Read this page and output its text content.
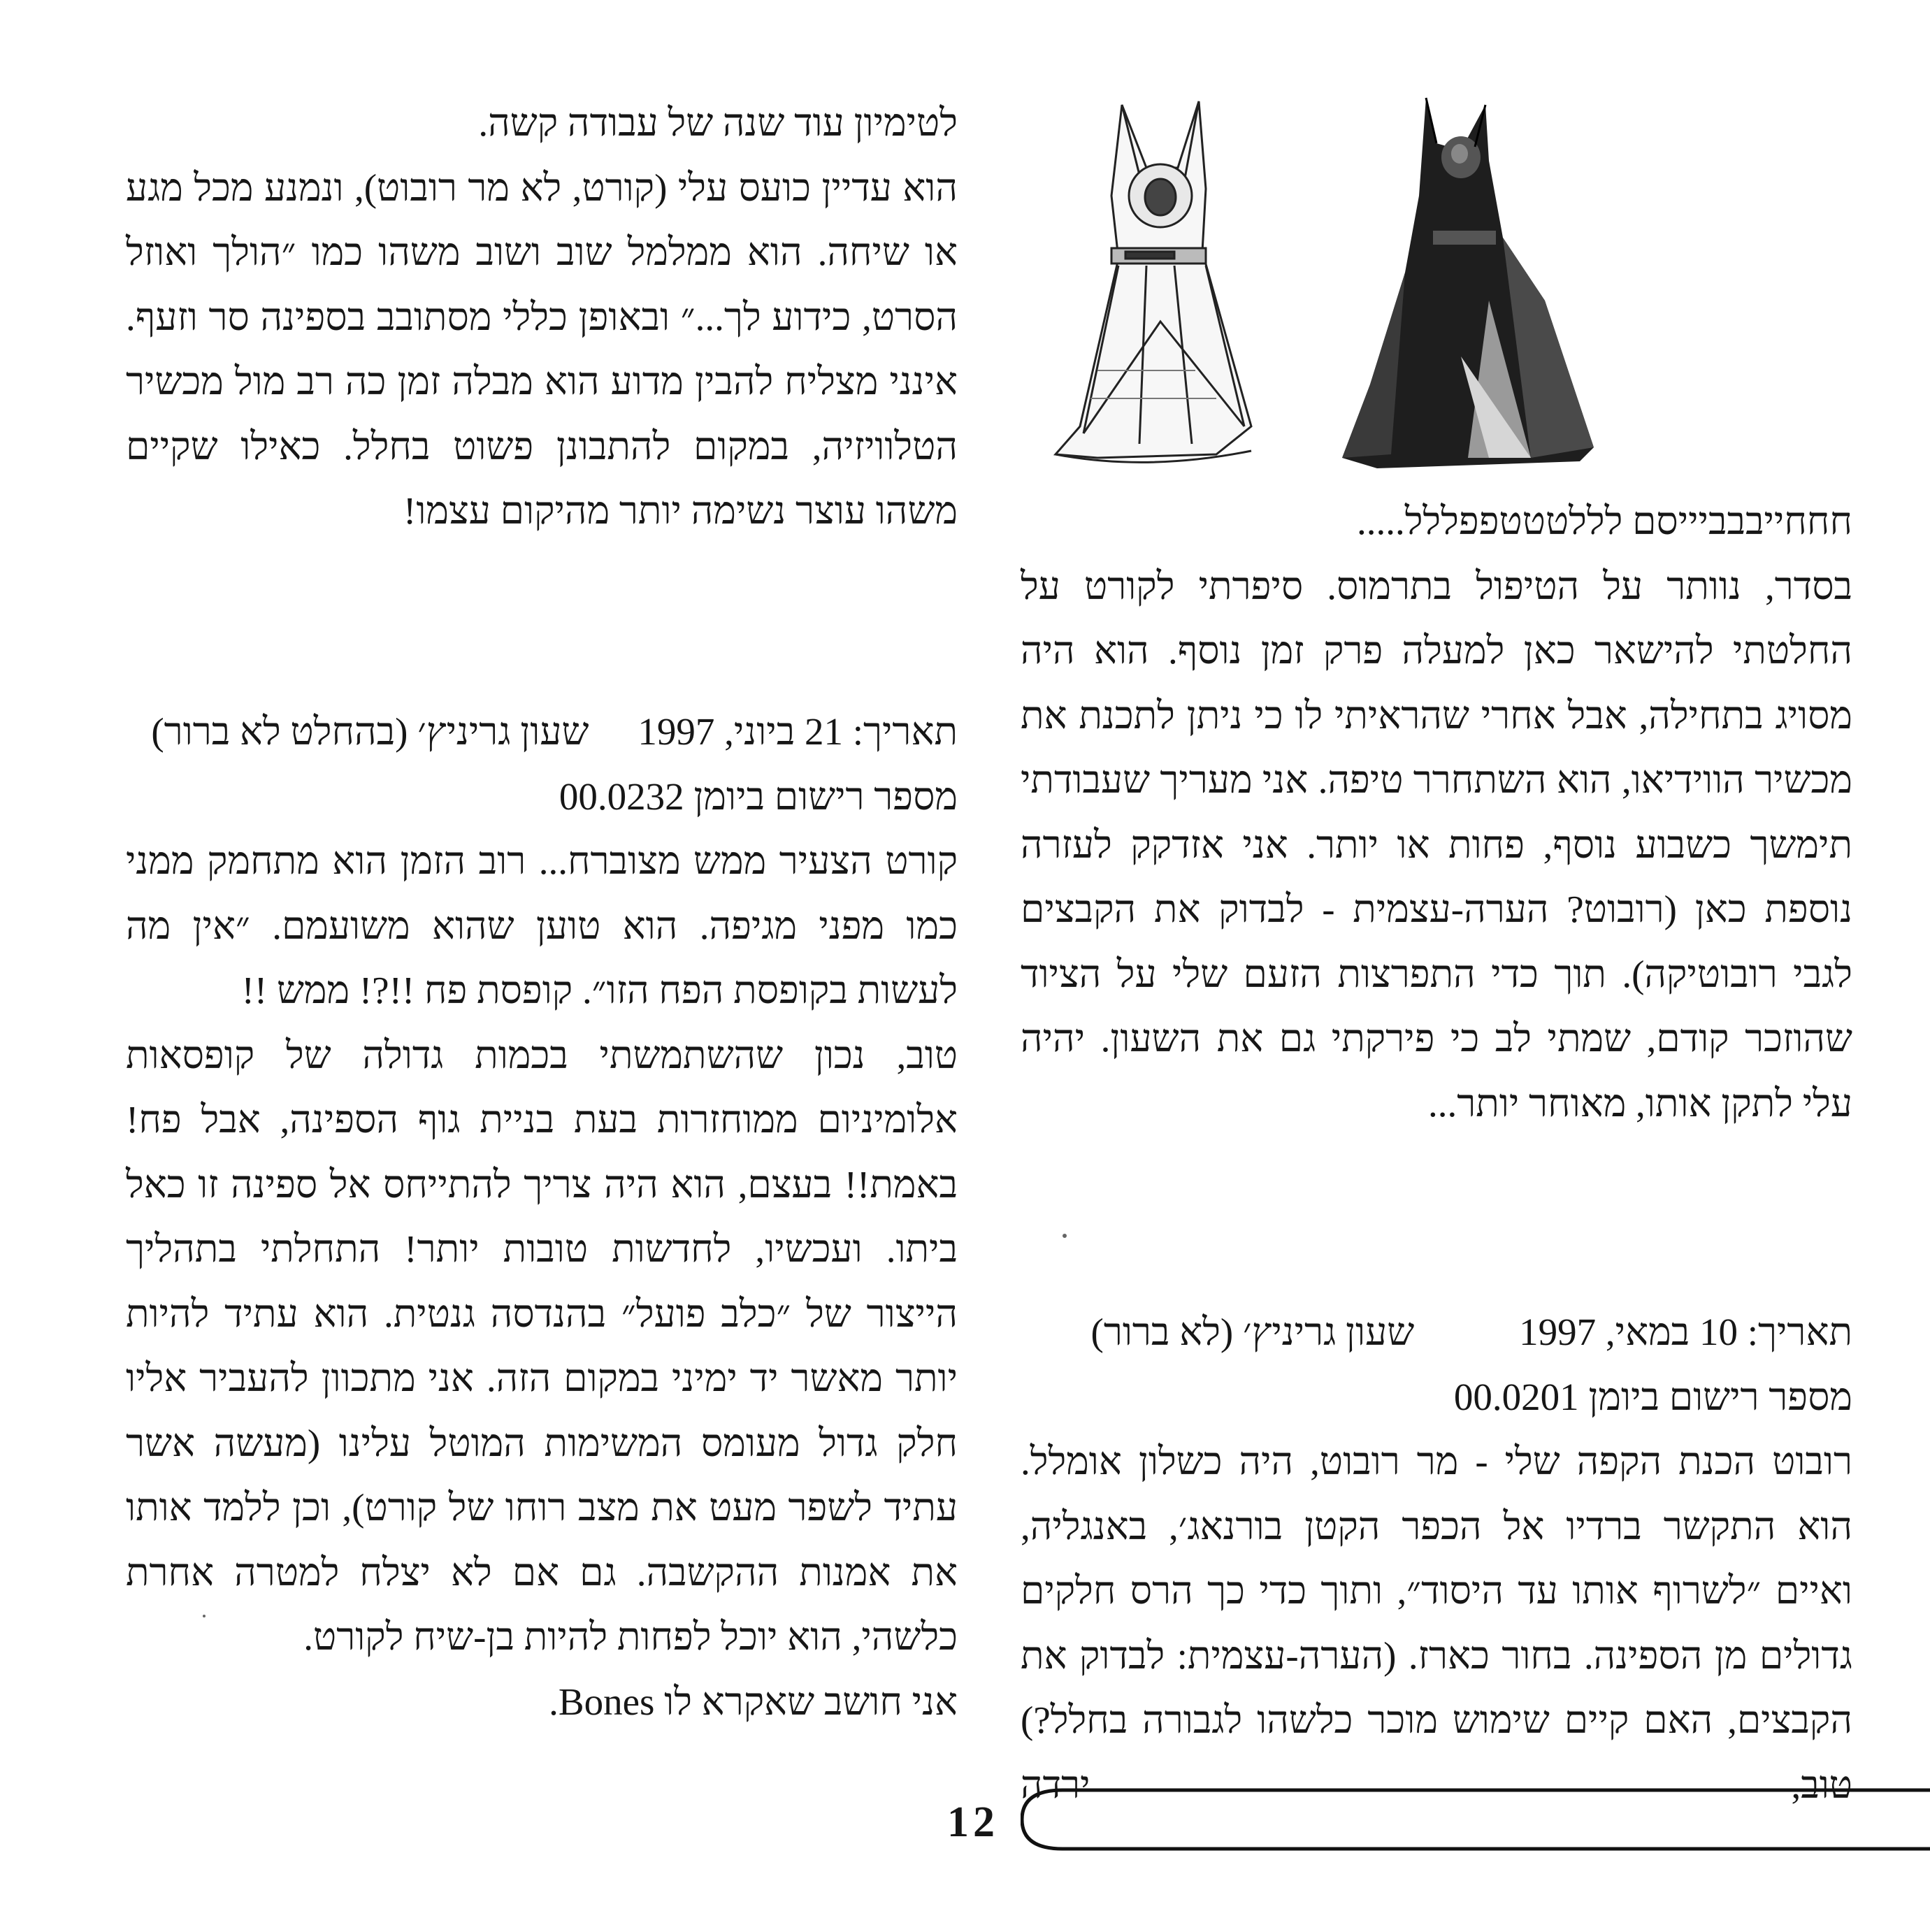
לטימיון עוד שנה של עבודה קשה.

הוא עדיין כועס עלי (קורט, לא מר רובוט), ונמנע מכל מגע או שיחה. הוא ממלמל שוב ושוב משהו כמו ״הולך ואוזל הסרט, כידוע לך...״ ובאופן כללי מסתובב בספינה סר וזעף. אינני מצליח להבין מדוע הוא מבלה זמן כה רב מול מכשיר הטלוויזיה, במקום להתבונן פשוט בחלל. כאילו שקיים משהו עוצר נשימה יותר מהיקום עצמו!

תאריך: 21 ביוני, 1997
שעון גריניץ׳ (בהחלט לא ברור)

מספר רישום ביומן 00.0232

קורט הצעיר ממש מצוברח... רוב הזמן הוא מתחמק ממני כמו מפני מגיפה. הוא טוען שהוא משועמם. ״אין מה לעשות בקופסת הפח הזו״. קופסת פח !!?! ממש !!

טוב, נכון שהשתמשתי בכמות גדולה של קופסאות אלומיניום ממוחזרות בעת בניית גוף הספינה, אבל פח! באמת!! בעצם, הוא היה צריך להתייחס אל ספינה זו כאל ביתו. ועכשיו, לחדשות טובות יותר! התחלתי בתהליך הייצור של ״כלב פועל״ בהנדסה גנטית. הוא עתיד להיות יותר מאשר יד ימיני במקום הזה. אני מתכוון להעביר אליו חלק גדול מעומס המשימות המוטל עלינו (מעשה אשר עתיד לשפר מעט את מצב רוחו של קורט), וכן ללמד אותו את אמנות ההקשבה. גם אם לא יצלח למטרה אחרת כלשהי, הוא יוכל לפחות להיות בן-שיח לקורט.

אני חושב שאקרא לו Bones.

חחחייבבביייסם לללטטטפפללל.....

בסדר, נוותר על הטיפול בתרמוס. סיפרתי לקורט על החלטתי להישאר כאן למעלה פרק זמן נוסף. הוא היה מסויג בתחילה, אבל אחרי שהראיתי לו כי ניתן לתכנת את מכשיר הווידיאו, הוא השתחרר טיפה. אני מעריך שעבודתי תימשך כשבוע נוסף, פחות או יותר. אני אזדקק לעזרה נוספת כאן (רובוט? הערה-עצמית - לבדוק את הקבצים לגבי רובוטיקה). תוך כדי התפרצות הזעם שלי על הציוד שהוזכר קודם, שמתי לב כי פירקתי גם את השעון. יהיה עלי לתקן אותו, מאוחר יותר...

תאריך: 10 במאי, 1997
שעון גריניץ׳ (לא ברור)

מספר רישום ביומן 00.0201

רובוט הכנת הקפה שלי - מר רובוט, היה כשלון אומלל. הוא התקשר ברדיו אל הכפר הקטן בורנאג׳, באנגליה, ואיים ״לשרוף אותו עד היסוד״, ותוך כדי כך הרס חלקים גדולים מן הספינה. בחור כארז. (הערה-עצמית: לבדוק את הקבצים, האם קיים שימוש מוכר כלשהו לגבורה בחלל?) טוב, ירדה

12
